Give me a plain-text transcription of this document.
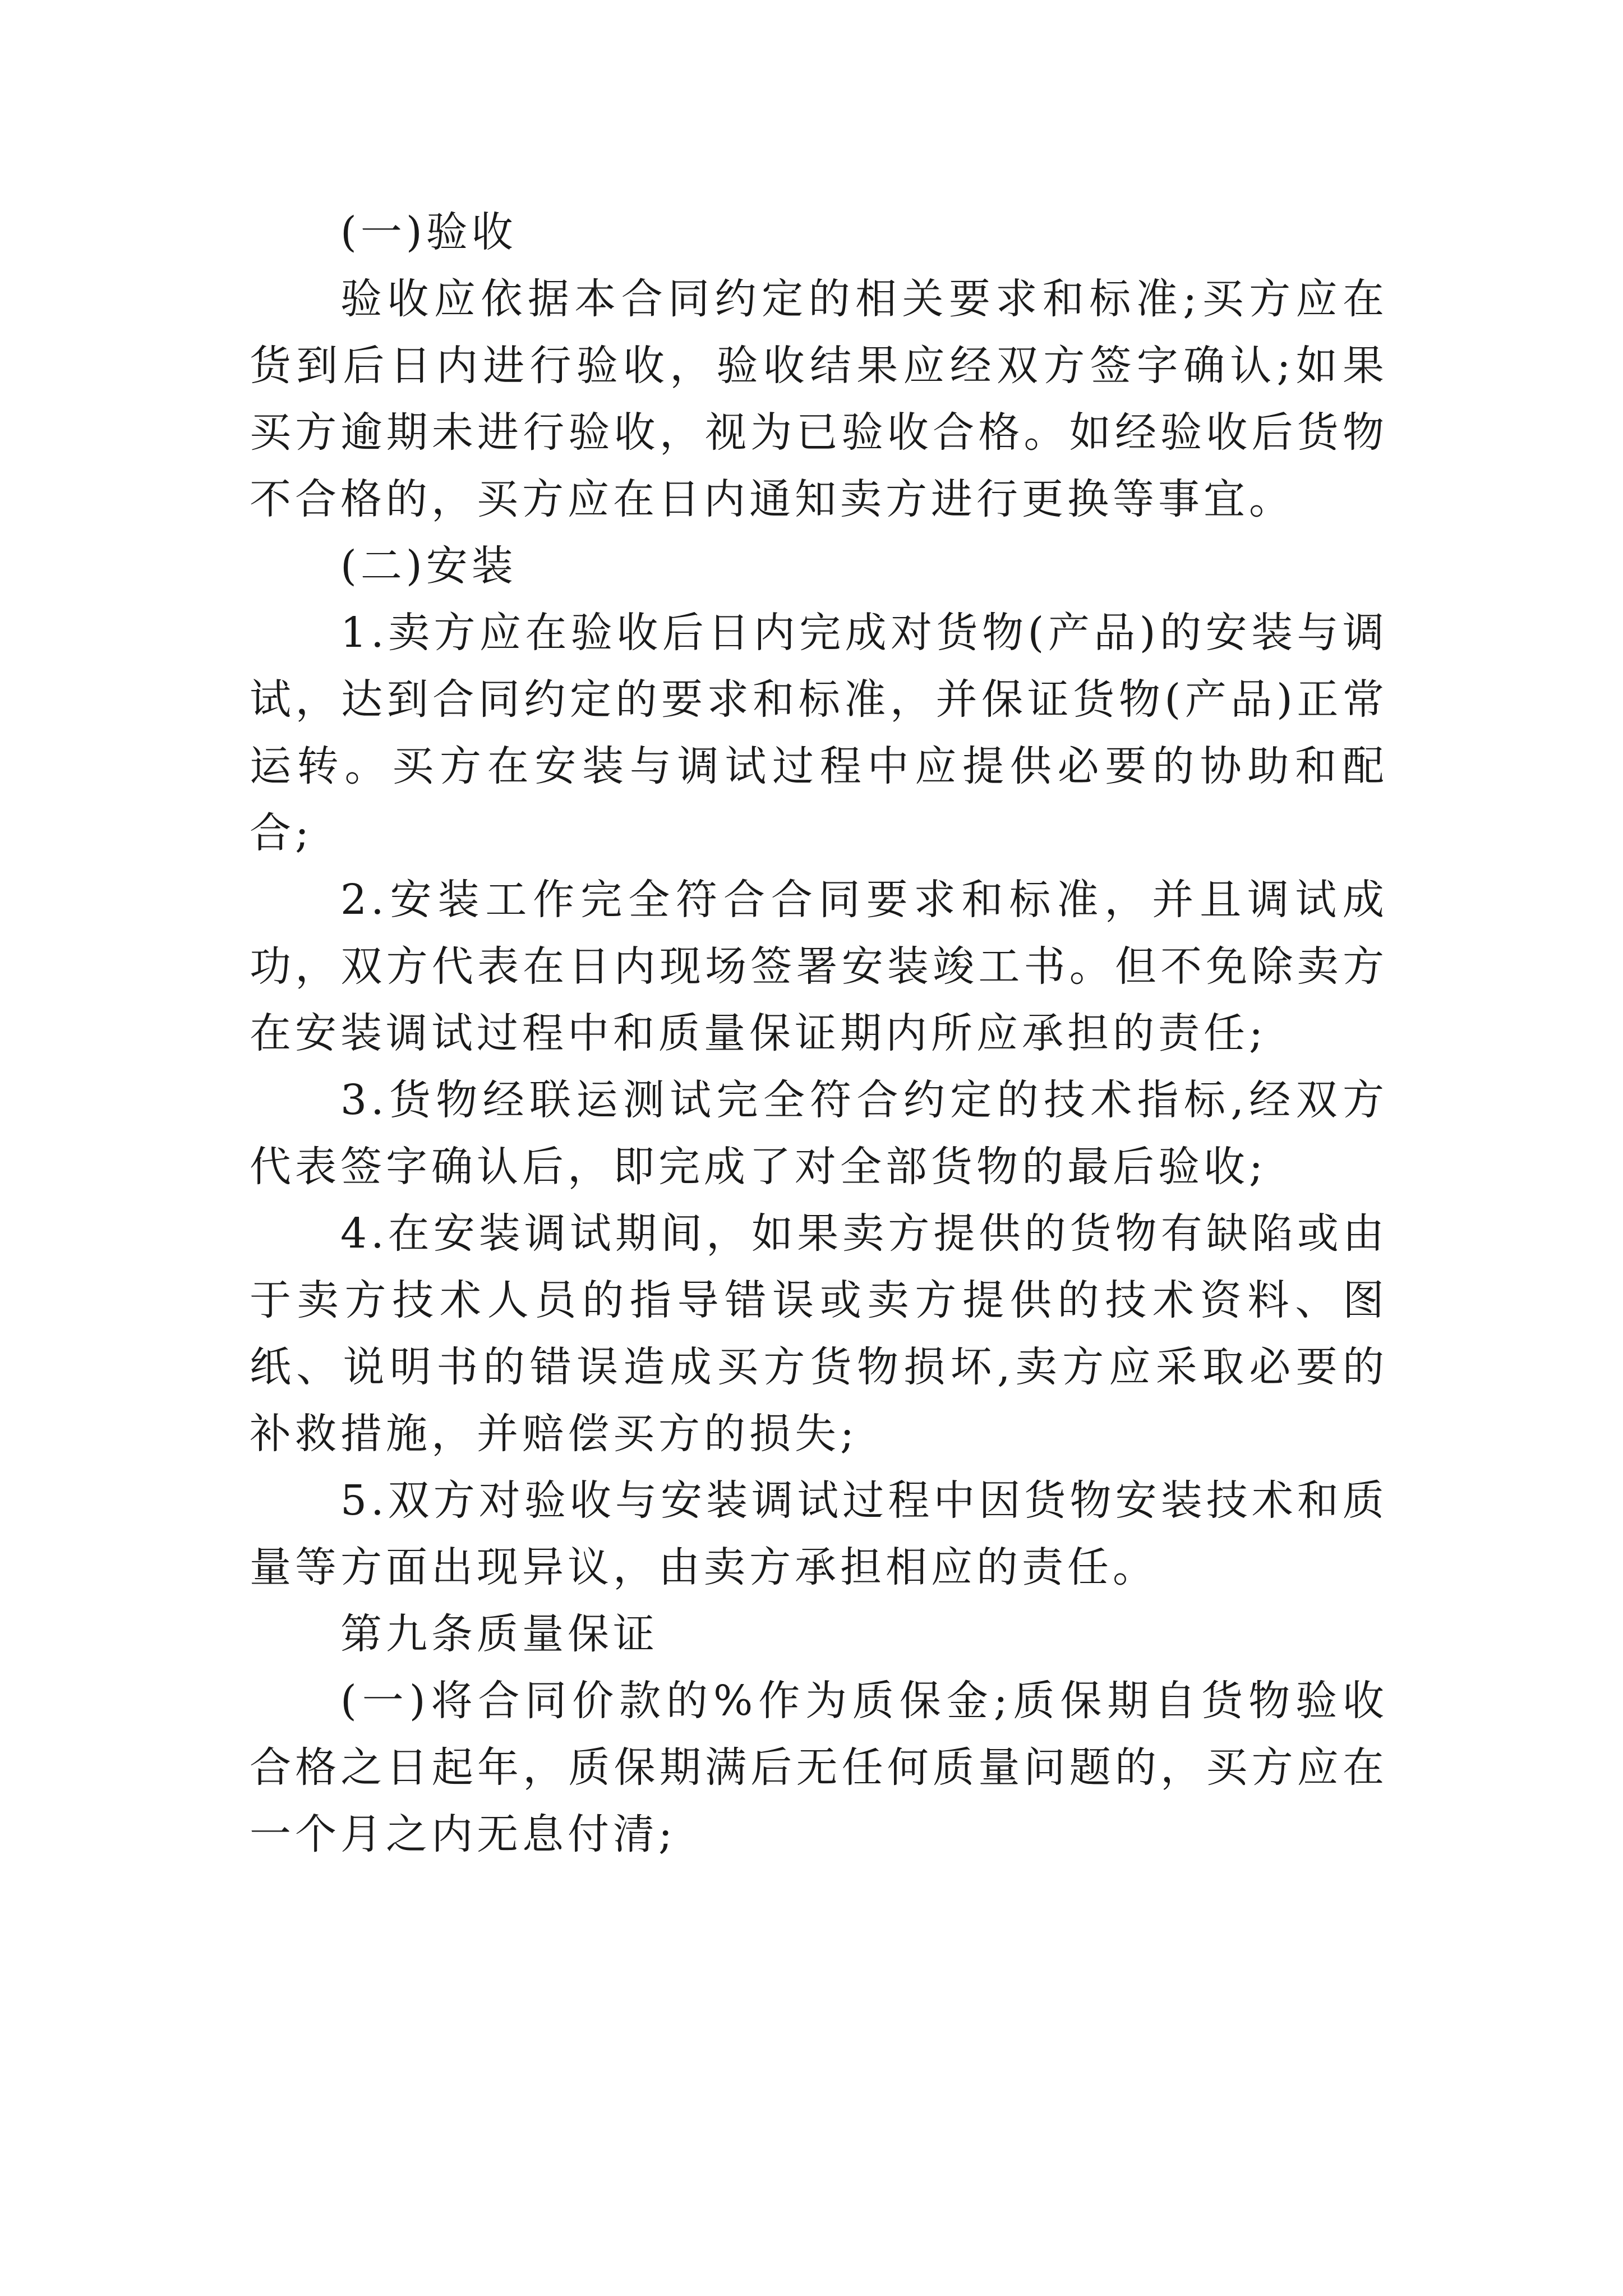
(一)验收

验收应依据本合同约定的相关要求和标准;买方应在货到后日内进行验收，验收结果应经双方签字确认;如果买方逾期未进行验收，视为已验收合格。如经验收后货物不合格的，买方应在日内通知卖方进行更换等事宜。

(二)安装

1.卖方应在验收后日内完成对货物(产品)的安装与调试，达到合同约定的要求和标准，并保证货物(产品)正常运转。买方在安装与调试过程中应提供必要的协助和配合;

2.安装工作完全符合合同要求和标准，并且调试成功，双方代表在日内现场签署安装竣工书。但不免除卖方在安装调试过程中和质量保证期内所应承担的责任;

3.货物经联运测试完全符合约定的技术指标,经双方代表签字确认后，即完成了对全部货物的最后验收;

4.在安装调试期间，如果卖方提供的货物有缺陷或由于卖方技术人员的指导错误或卖方提供的技术资料、图纸、说明书的错误造成买方货物损坏,卖方应采取必要的补救措施，并赔偿买方的损失;

5.双方对验收与安装调试过程中因货物安装技术和质量等方面出现异议，由卖方承担相应的责任。

第九条质量保证

(一)将合同价款的%作为质保金;质保期自货物验收合格之日起年，质保期满后无任何质量问题的，买方应在一个月之内无息付清;
